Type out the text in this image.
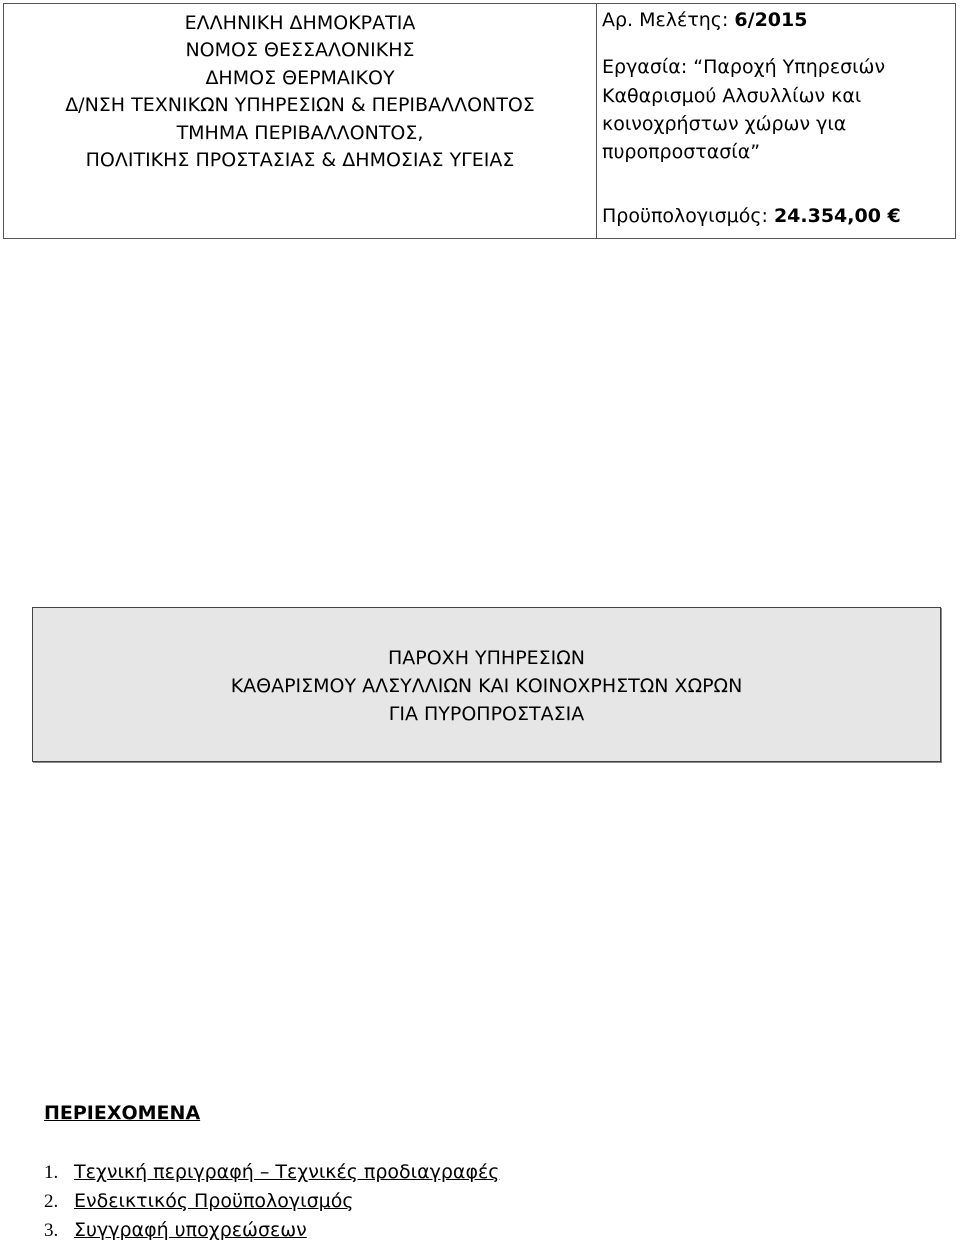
ΕΛΛΗΝΙΚΗ ΔΗΜΟΚΡΑΤΙΑ
ΝΟΜΟΣ ΘΕΣΣΑΛΟΝΙΚΗΣ
ΔΗΜΟΣ ΘΕΡΜΑΙΚΟΥ
Δ/ΝΣΗ ΤΕΧΝΙΚΩΝ ΥΠΗΡΕΣΙΩΝ & ΠΕΡΙΒΑΛΛΟΝΤΟΣ
ΤΜΗΜΑ ΠΕΡΙΒΑΛΛΟΝΤΟΣ,
ΠΟΛΙΤΙΚΗΣ ΠΡΟΣΤΑΣΙΑΣ & ΔΗΜΟΣΙΑΣ ΥΓΕΙΑΣ
Αρ. Μελέτης: 6/2015
Εργασία: “Παροχή Υπηρεσιών
Καθαρισμού Αλσυλλίων και
κοινοχρήστων χώρων για
πυροπροστασία”
Προϋπολογισμός: 24.354,00 €
ΠΑΡΟΧΗ ΥΠΗΡΕΣΙΩΝ
ΚΑΘΑΡΙΣΜΟΥ ΑΛΣΥΛΛΙΩΝ ΚΑΙ ΚΟΙΝΟΧΡΗΣΤΩΝ ΧΩΡΩΝ
ΓΙΑ ΠΥΡΟΠΡΟΣΤΑΣΙΑ
ΠΕΡΙΕΧΟΜΕΝΑ
1. Τεχνική περιγραφή – Τεχνικές προδιαγραφές
2. Ενδεικτικός Προϋπολογισμός
3. Συγγραφή υποχρεώσεων
